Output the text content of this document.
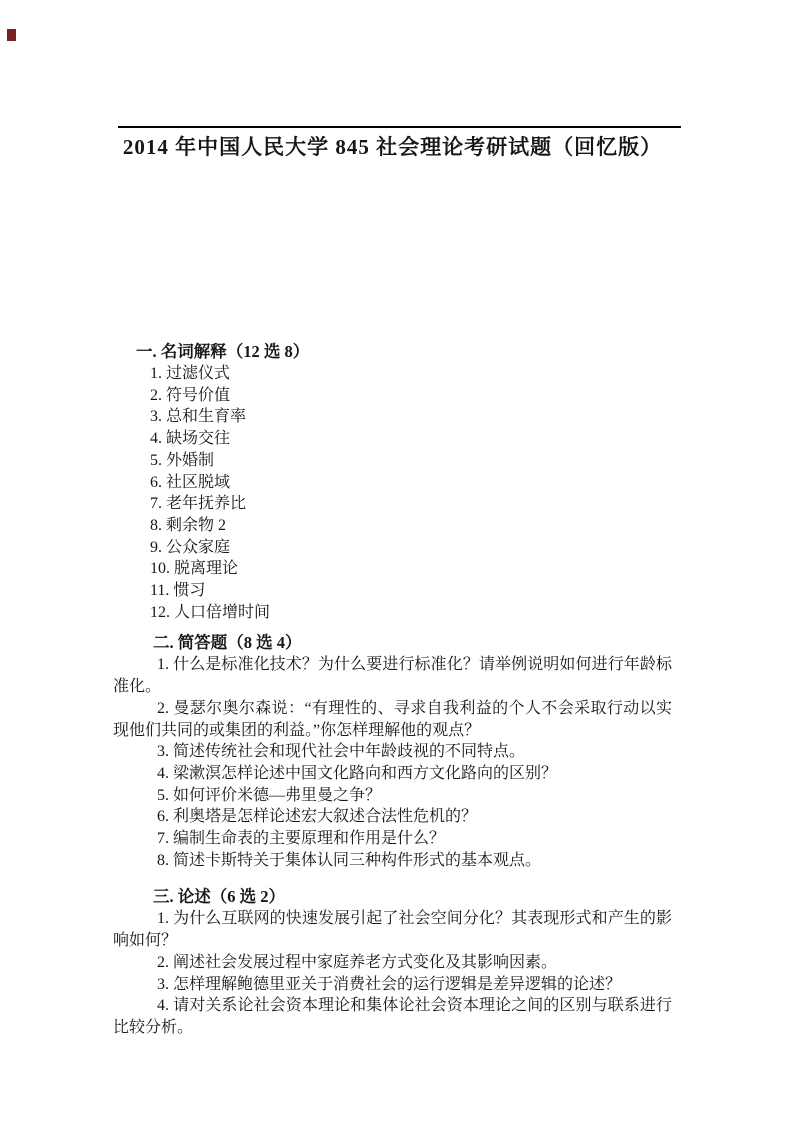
2014 年中国人民大学 845 社会理论考研试题（回忆版）
一. 名词解释（12 选 8）
1. 过滤仪式
2. 符号价值
3. 总和生育率
4. 缺场交往
5. 外婚制
6. 社区脱域
7. 老年抚养比
8. 剩余物 2
9. 公众家庭
10. 脱离理论
11. 惯习
12. 人口倍增时间
二. 简答题（8 选 4）
1. 什么是标准化技术？为什么要进行标准化？请举例说明如何进行年龄标准化。
2. 曼瑟尔奥尔森说：“有理性的、寻求自我利益的个人不会采取行动以实现他们共同的或集团的利益。”你怎样理解他的观点？
3. 简述传统社会和现代社会中年龄歧视的不同特点。
4. 梁漱溟怎样论述中国文化路向和西方文化路向的区别？
5. 如何评价米德—弗里曼之争？
6. 利奥塔是怎样论述宏大叙述合法性危机的？
7. 编制生命表的主要原理和作用是什么？
8. 简述卡斯特关于集体认同三种构件形式的基本观点。
三. 论述（6 选 2）
1. 为什么互联网的快速发展引起了社会空间分化？其表现形式和产生的影响如何？
2. 阐述社会发展过程中家庭养老方式变化及其影响因素。
3. 怎样理解鲍德里亚关于消费社会的运行逻辑是差异逻辑的论述？
4. 请对关系论社会资本理论和集体论社会资本理论之间的区别与联系进行比较分析。
